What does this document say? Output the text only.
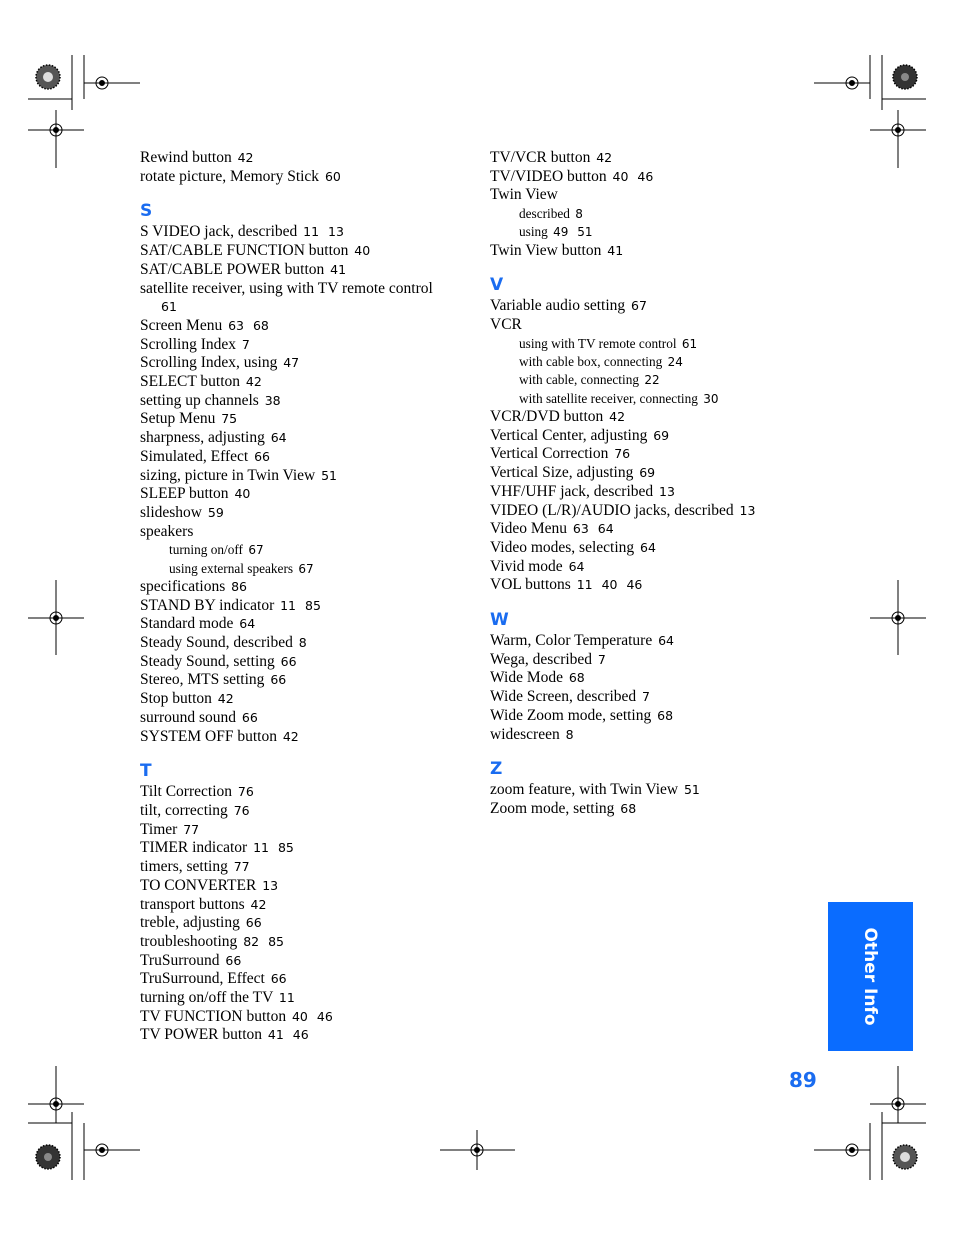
Rewind button 42
rotate picture, Memory Stick 60
S
S VIDEO jack, described 11 13
SAT/CABLE FUNCTION button 40
SAT/CABLE POWER button 41
satellite receiver, using with TV remote control
61
Screen Menu 63 68
Scrolling Index 7
Scrolling Index, using 47
SELECT button 42
setting up channels 38
Setup Menu 75
sharpness, adjusting 64
Simulated, Effect 66
sizing, picture in Twin View 51
SLEEP button 40
slideshow 59
speakers
turning on/off 67
using external speakers 67
specifications 86
STAND BY indicator 11 85
Standard mode 64
Steady Sound, described 8
Steady Sound, setting 66
Stereo, MTS setting 66
Stop button 42
surround sound 66
SYSTEM OFF button 42
T
Tilt Correction 76
tilt, correcting 76
Timer 77
TIMER indicator 11 85
timers, setting 77
TO CONVERTER 13
transport buttons 42
treble, adjusting 66
troubleshooting 82 85
TruSurround 66
TruSurround, Effect 66
turning on/off the TV 11
TV FUNCTION button 40 46
TV POWER button 41 46
TV/VCR button 42
TV/VIDEO button 40 46
Twin View
described 8
using 49 51
Twin View button 41
V
Variable audio setting 67
VCR
using with TV remote control 61
with cable box, connecting 24
with cable, connecting 22
with satellite receiver, connecting 30
VCR/DVD button 42
Vertical Center, adjusting 69
Vertical Correction 76
Vertical Size, adjusting 69
VHF/UHF jack, described 13
VIDEO (L/R)/AUDIO jacks, described 13
Video Menu 63 64
Video modes, selecting 64
Vivid mode 64
VOL buttons 11 40 46
W
Warm, Color Temperature 64
Wega, described 7
Wide Mode 68
Wide Screen, described 7
Wide Zoom mode, setting 68
widescreen 8
Z
zoom feature, with Twin View 51
Zoom mode, setting 68
Other Info
89
